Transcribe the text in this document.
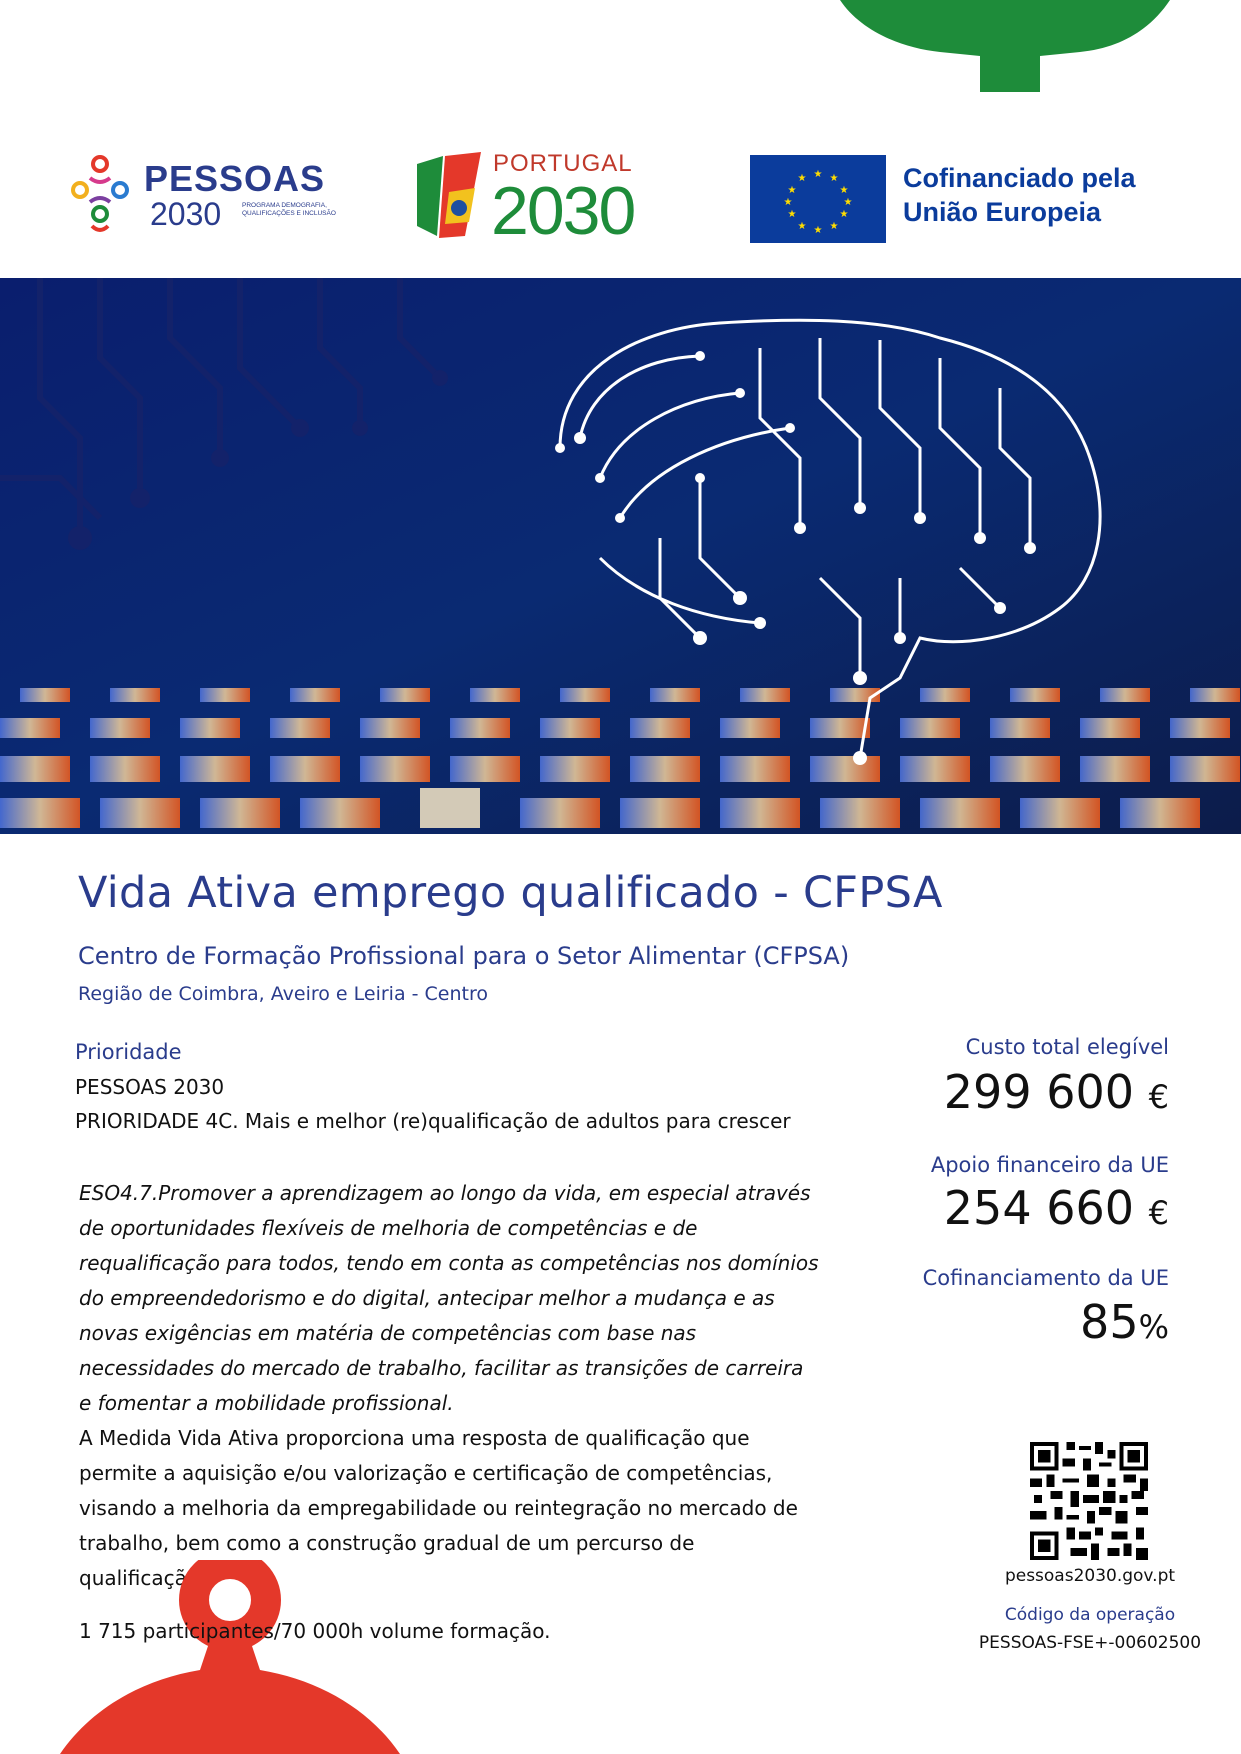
PESSOAS
2030	PROGRAMA DEMOGRAFIA, QUALIFICAÇÕES E INCLUSÃO
PORTUGAL
2030	★ ★
★
★
★
★
★
★
★
★
★
★	Cofinanciado pela
União Europeia
Vida Ativa emprego qualificado - CFPSA
Centro de Formação Profissional para o Setor Alimentar (CFPSA)
Região de Coimbra, Aveiro e Leiria - Centro
Prioridade
PESSOAS 2030
PRIORIDADE 4C. Mais e melhor (re)qualificação de adultos para crescer
ESO4.7.Promover a aprendizagem ao longo da vida, em especial através de oportunidades flexíveis de melhoria de competências e de requalificação para todos, tendo em conta as competências nos domínios do empreendedorismo e do digital, antecipar melhor a mudança e as novas exigências em matéria de competências com base nas necessidades do mercado de trabalho, facilitar as transições de carreira e fomentar a mobilidade profissional.
A Medida Vida Ativa proporciona uma resposta de qualificação que permite a aquisição e/ou valorização e certificação de competências, visando a melhoria da empregabilidade ou reintegração no mercado de trabalho, bem como a construção gradual de um percurso de qualificação.
1 715 participantes/70 000h volume formação.
Custo total elegível
299 600 €
Apoio financeiro da UE
254 660 €
Cofinanciamento da UE
85%
pessoas2030.gov.pt
Código da operação
PESSOAS-FSE+-00602500
